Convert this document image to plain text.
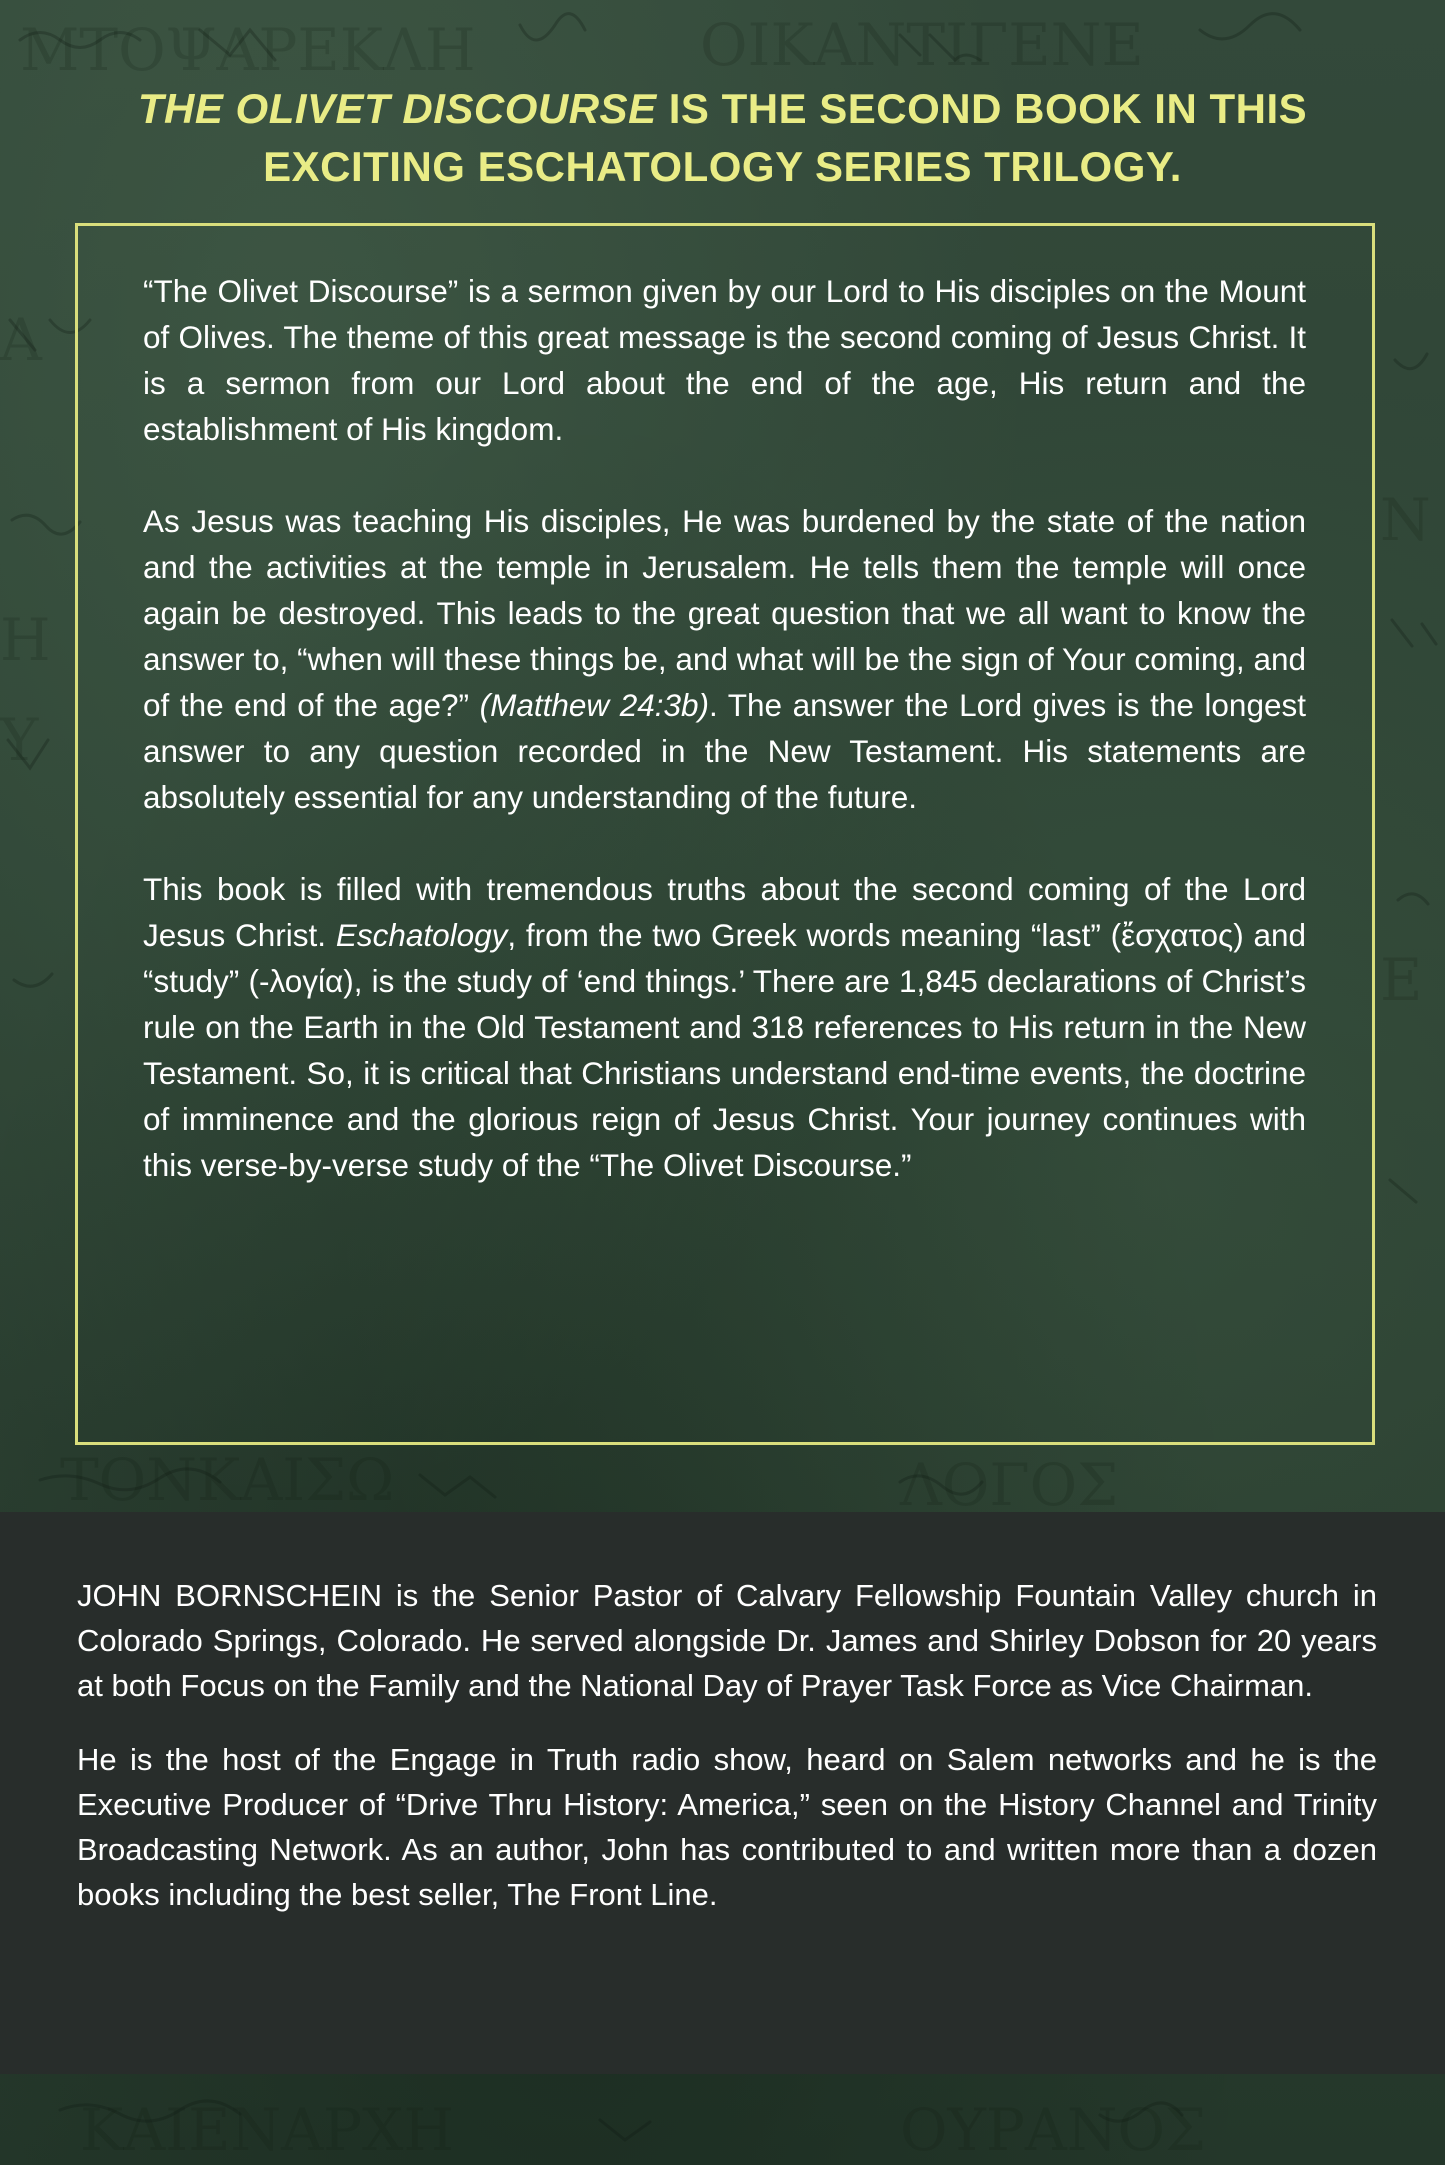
ΜΤΟΨΑΡΕΚΛΗ	ΟΙΚΑΝΤΙΓΕΝΕ
Α
Η
Υ
Ν
Ε
ΤΟΝΚΑΙΣΩ	ΛΟΓΟΣ
ΚΑΙΕΝΑΡΧΗ	ΟΥΡΑΝΟΣ
THE OLIVET DISCOURSE IS THE SECOND BOOK IN THIS EXCITING ESCHATOLOGY SERIES TRILOGY.

“The Olivet Discourse” is a sermon given by our Lord to His disciples on the Mount of Olives. The theme of this great message is the second coming of Jesus Christ. It is a sermon from our Lord about the end of the age, His return and the establishment of His kingdom.

As Jesus was teaching His disciples, He was burdened by the state of the nation and the activities at the temple in Jerusalem. He tells them the temple will once again be destroyed. This leads to the great question that we all want to know the answer to, “when will these things be, and what will be the sign of Your coming, and of the end of the age?” (Matthew 24:3b). The answer the Lord gives is the longest answer to any question recorded in the New Testament. His statements are absolutely essential for any understanding of the future.

This book is filled with tremendous truths about the second coming of the Lord Jesus Christ. Eschatology, from the two Greek words meaning “last” (ἔσχατος) and “study” (-λογία), is the study of ‘end things.’ There are 1,845 declarations of Christ’s rule on the Earth in the Old Testament and 318 references to His return in the New Testament. So, it is critical that Christians understand end-time events, the doctrine of imminence and the glorious reign of Jesus Christ. Your journey continues with this verse-by-verse study of the “The Olivet Discourse.”

JOHN BORNSCHEIN is the Senior Pastor of Calvary Fellowship Fountain Valley church in Colorado Springs, Colorado. He served alongside Dr. James and Shirley Dobson for 20 years at both Focus on the Family and the National Day of Prayer Task Force as Vice Chairman.

He is the host of the Engage in Truth radio show, heard on Salem networks and he is the Executive Producer of “Drive Thru History: America,” seen on the History Channel and Trinity Broadcasting Network. As an author, John has contributed to and written more than a dozen books including the best seller, The Front Line.
